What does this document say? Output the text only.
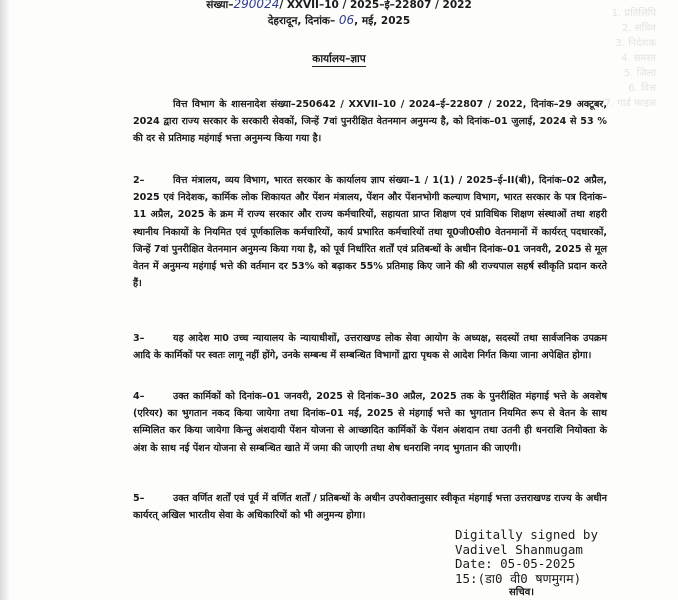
1. प्रतिलिपि
2. सचिव
3. निदेशक
4. समस्त
5. जिला
6. वित्त
7. गार्ड फाइल
संख्या–290024/ XXVII–10 / 2025–ई–22807 / 2022
देहरादून, दिनांक– 06, मई, 2025
कार्यालय–ज्ञाप

वित्त विभाग के शासनादेश संख्या–250642 / XXVII–10 / 2024–ई–22807 / 2022, दिनांक–29 अक्टूबर, 2024 द्वारा राज्य सरकार के सरकारी सेवकों, जिन्हें 7वां पुनरीक्षित वेतनमान अनुमन्य है, को दिनांक–01 जुलाई, 2024 से 53 % की दर से प्रतिमाह महंगाई भत्ता अनुमन्य किया गया है।

2–	वित्त मंत्रालय, व्यय विभाग, भारत सरकार के कार्यालय ज्ञाप संख्या–1 / 1(1) / 2025–ई–II(बी), दिनांक–02 अप्रैल, 2025 एवं निदेशक, कार्मिक लोक शिकायत और पेंशन मंत्रालय, पेंशन और पेंशनभोगी कल्याण विभाग, भारत सरकार के पत्र दिनांक–11 अप्रैल, 2025 के क्रम में राज्य सरकार और राज्य कर्मचारियों, सहायता प्राप्त शिक्षण एवं प्राविधिक शिक्षण संस्थाओं तथा शहरी स्थानीय निकायों के नियमित एवं पूर्णकालिक कर्मचारियों, कार्य प्रभारित कर्मचारियों तथा यू0जी0सी0 वेतनमानों में कार्यरत् पदधारकों, जिन्हें 7वां पुनरीक्षित वेतनमान अनुमन्य किया गया है, को पूर्व निर्धारित शर्तों एवं प्रतिबन्धों के अधीन दिनांक–01 जनवरी, 2025 से मूल वेतन में अनुमन्य महंगाई भत्ते की वर्तमान दर 53% को बढ़ाकर 55% प्रतिमाह किए जाने की श्री राज्यपाल सहर्ष स्वीकृति प्रदान करते हैं।

3–	यह आदेश मा0 उच्च न्यायालय के न्यायाधीशों, उत्तराखण्ड लोक सेवा आयोग के अध्यक्ष, सदस्यों तथा सार्वजनिक उपक्रम आदि के कार्मिकों पर स्वतः लागू नहीं होंगे, उनके सम्बन्ध में सम्बन्धित विभागों द्वारा पृथक से आदेश निर्गत किया जाना अपेक्षित होगा।

4–	उक्त कार्मिकों को दिनांक–01 जनवरी, 2025 से दिनांक–30 अप्रैल, 2025 तक के पुनरीक्षित मंहगाई भत्ते के अवशेष (एरियर) का भुगतान नकद किया जायेगा तथा दिनांक–01 मई, 2025 से मंहगाई भत्ते का भुगतान नियमित रूप से वेतन के साथ सम्मिलित कर किया जायेगा किन्तु अंशदायी पेंशन योजना से आच्छादित कार्मिकों के पेंशन अंशदान तथा उतनी ही धनराशि नियोक्ता के अंश के साथ नई पेंशन योजना से सम्बन्धित खाते में जमा की जाएगी तथा शेष धनराशि नगद भुगतान की जाएगी।

5–	उक्त वर्णित शर्तों एवं पूर्व में वर्णित शर्तों / प्रतिबन्धों के अधीन उपरोक्तानुसार स्वीकृत मंहगाई भत्ता उत्तराखण्ड राज्य के अधीन कार्यरत् अखिल भारतीय सेवा के अधिकारियों को भी अनुमन्य होगा।

Digitally signed by
Vadivel Shanmugam
Date: 05-05-2025
15:(डा0 वी0 षणमुगम)
सचिव।
